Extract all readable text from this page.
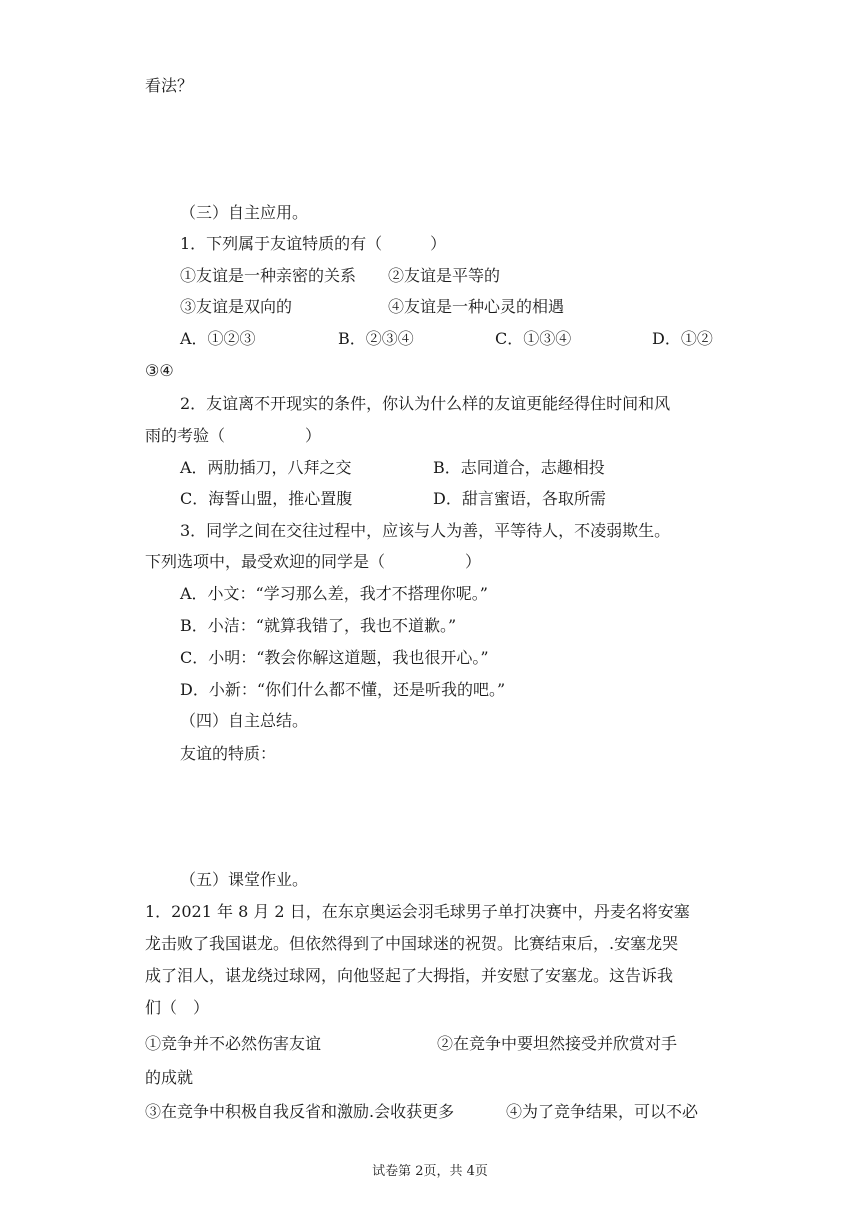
看法？
（三）自主应用。
1．下列属于友谊特质的有（　　　）
①友谊是一种亲密的关系 ②友谊是平等的
③友谊是双向的	④友谊是一种心灵的相遇
A．①②③	B．②③④	C．①③④	D．①②
③④
2．友谊离不开现实的条件，你认为什么样的友谊更能经得住时间和风
雨的考验（　　　　　）
A．两肋插刀，八拜之交	B．志同道合，志趣相投
C．海誓山盟，推心置腹	D．甜言蜜语，各取所需
3．同学之间在交往过程中，应该与人为善，平等待人，不凌弱欺生。
下列选项中，最受欢迎的同学是（　　　　　）
A．小文：“学习那么差，我才不搭理你呢。”
B．小洁：“就算我错了，我也不道歉。”
C．小明：“教会你解这道题，我也很开心。”
D．小新：“你们什么都不懂，还是听我的吧。”
（四）自主总结。
友谊的特质：
（五）课堂作业。
1．2021 年 8 月 2 日，在东京奥运会羽毛球男子单打决赛中，丹麦名将安塞
龙击败了我国谌龙。但依然得到了中国球迷的祝贺。比赛结束后，.安塞龙哭
成了泪人，谌龙绕过球网，向他竖起了大拇指，并安慰了安塞龙。这告诉我
们（　）
①竞争并不必然伤害友谊	②在竞争中要坦然接受并欣赏对手
的成就
③在竞争中积极自我反省和激励.会收获更多	④为了竞争结果，可以不必
试卷第 2页，共 4页
